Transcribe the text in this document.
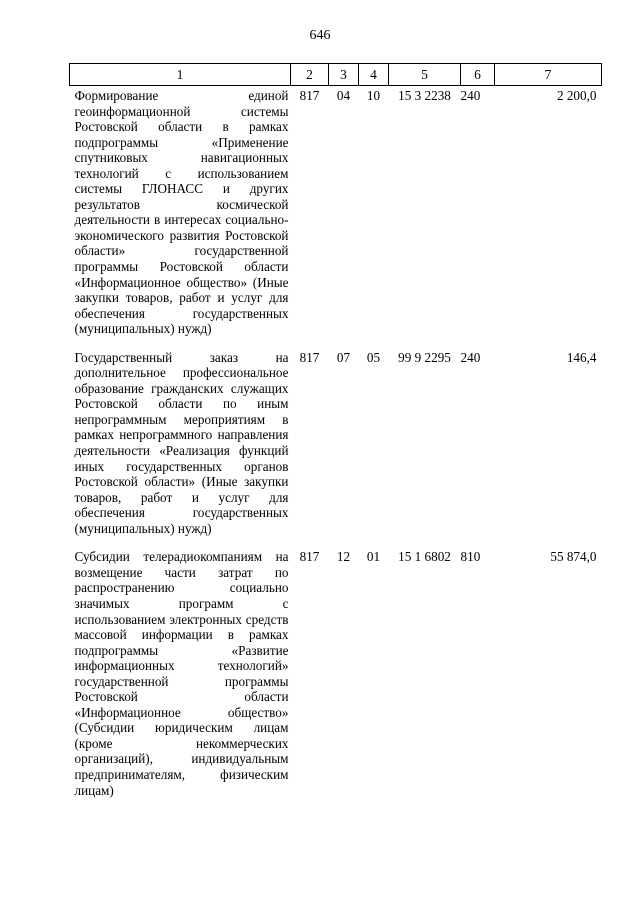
646
1	2	3	4	5	6	7
Формирование единой геоинформационной системы Ростовской области в рамках подпрограммы «Применение спутниковых навигационных технологий с использованием системы ГЛОНАСС и других результатов космической деятельности в интересах социально-экономического развития Ростовской области» государственной программы Ростовской области «Информационное общество» (Иные закупки товаров, работ и услуг для обеспечения государственных (муниципальных) нужд)	817	04	10	15 3 2238	240	2 200,0
Государственный заказ на дополнительное профессиональное образование гражданских служащих Ростовской области по иным непрограммным мероприятиям в рамках непрограммного направления деятельности «Реализация функций иных государственных органов Ростовской области» (Иные закупки товаров, работ и услуг для обеспечения государственных (муниципальных) нужд)	817	07	05	99 9 2295	240	146,4
Субсидии телерадиокомпаниям на возмещение части затрат по распространению социально значимых программ с использованием электронных средств массовой информации в рамках подпрограммы «Развитие информационных технологий» государственной программы Ростовской области «Информационное общество» (Субсидии юридическим лицам (кроме некоммерческих организаций), индивидуальным предпринимателям, физическим лицам)	817	12	01	15 1 6802	810	55 874,0
